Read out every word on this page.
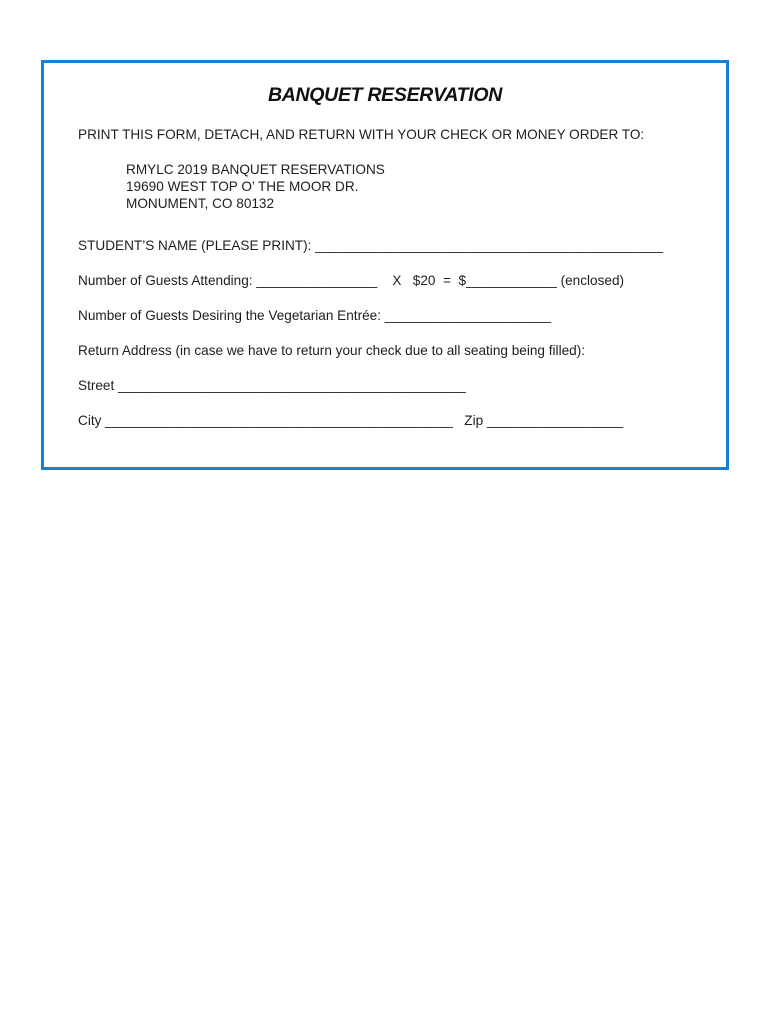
BANQUET RESERVATION
PRINT THIS FORM, DETACH, AND RETURN WITH YOUR CHECK OR MONEY ORDER TO:
RMYLC 2019 BANQUET RESERVATIONS
19690 WEST TOP O’ THE MOOR DR.
MONUMENT, CO 80132
STUDENT’S NAME (PLEASE PRINT): ______________________________________________
Number of Guests Attending: ________________    X   $20  =  $____________ (enclosed)
Number of Guests Desiring the Vegetarian Entrée: ______________________
Return Address (in case we have to return your check due to all seating being filled):
Street ______________________________________________
City ______________________________________________   Zip __________________
